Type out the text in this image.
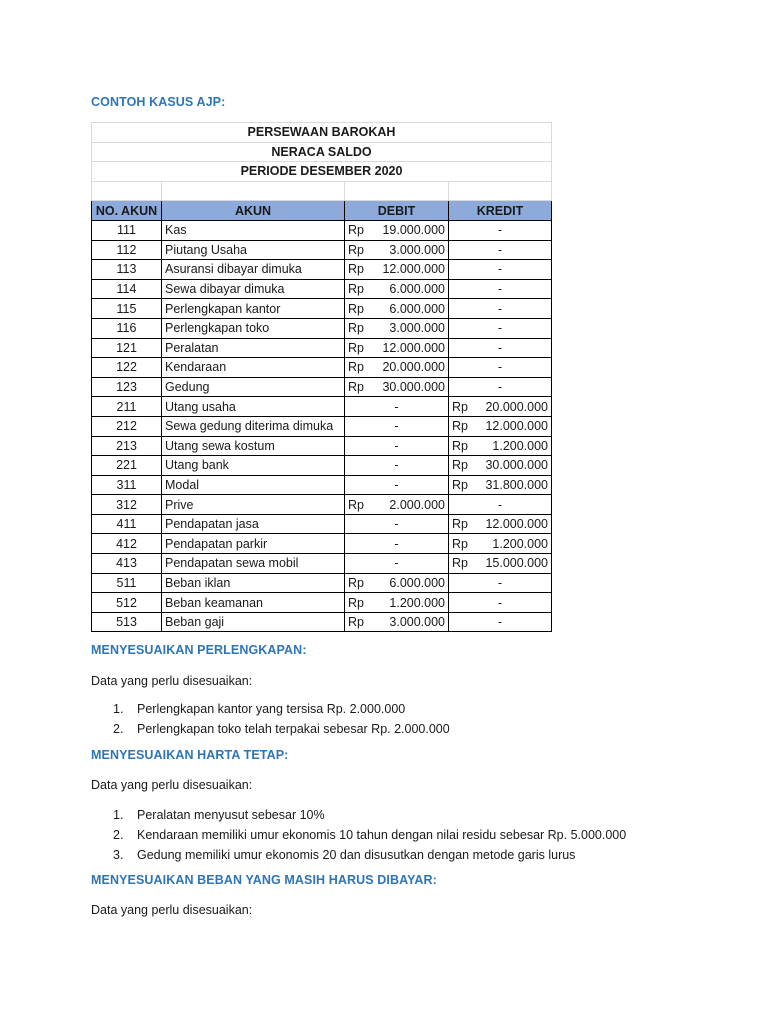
CONTOH KASUS AJP:
PERSEWAAN BAROKAH			
NERACA SALDO			
PERIODE DESEMBER 2020			

NO. AKUN	AKUN	DEBIT	KREDIT
111	Kas	Rp 19.000.000	-
112	Piutang Usaha	Rp 3.000.000	-
113	Asuransi dibayar dimuka	Rp 12.000.000	-
114	Sewa dibayar dimuka	Rp 6.000.000	-
115	Perlengkapan kantor	Rp 6.000.000	-
116	Perlengkapan toko	Rp 3.000.000	-
121	Peralatan	Rp 12.000.000	-
122	Kendaraan	Rp 20.000.000	-
123	Gedung	Rp 30.000.000	-
211	Utang usaha	-	Rp 20.000.000

212	Sewa gedung diterima dimuka	-	Rp 12.000.000

213	Utang sewa kostum	-	Rp 1.200.000

221	Utang bank	-	Rp 30.000.000

311	Modal	-	Rp 31.800.000

312	Prive	Rp 2.000.000	-
411	Pendapatan jasa	-	Rp 12.000.000

412	Pendapatan parkir	-	Rp 1.200.000

413	Pendapatan sewa mobil	-	Rp 15.000.000

511	Beban iklan	Rp 6.000.000	-
512	Beban keamanan	Rp 1.200.000	-
513	Beban gaji	Rp 3.000.000	-
MENYESUAIKAN PERLENGKAPAN:
Data yang perlu disesuaikan:
1. Perlengkapan kantor yang tersisa Rp. 2.000.000
2. Perlengkapan toko telah terpakai sebesar Rp. 2.000.000
MENYESUAIKAN HARTA TETAP:
Data yang perlu disesuaikan:
1. Peralatan menyusut sebesar 10%
2. Kendaraan memiliki umur ekonomis 10 tahun dengan nilai residu sebesar Rp. 5.000.000
3. Gedung memiliki umur ekonomis 20 dan disusutkan dengan metode garis lurus
MENYESUAIKAN BEBAN YANG MASIH HARUS DIBAYAR:
Data yang perlu disesuaikan:
